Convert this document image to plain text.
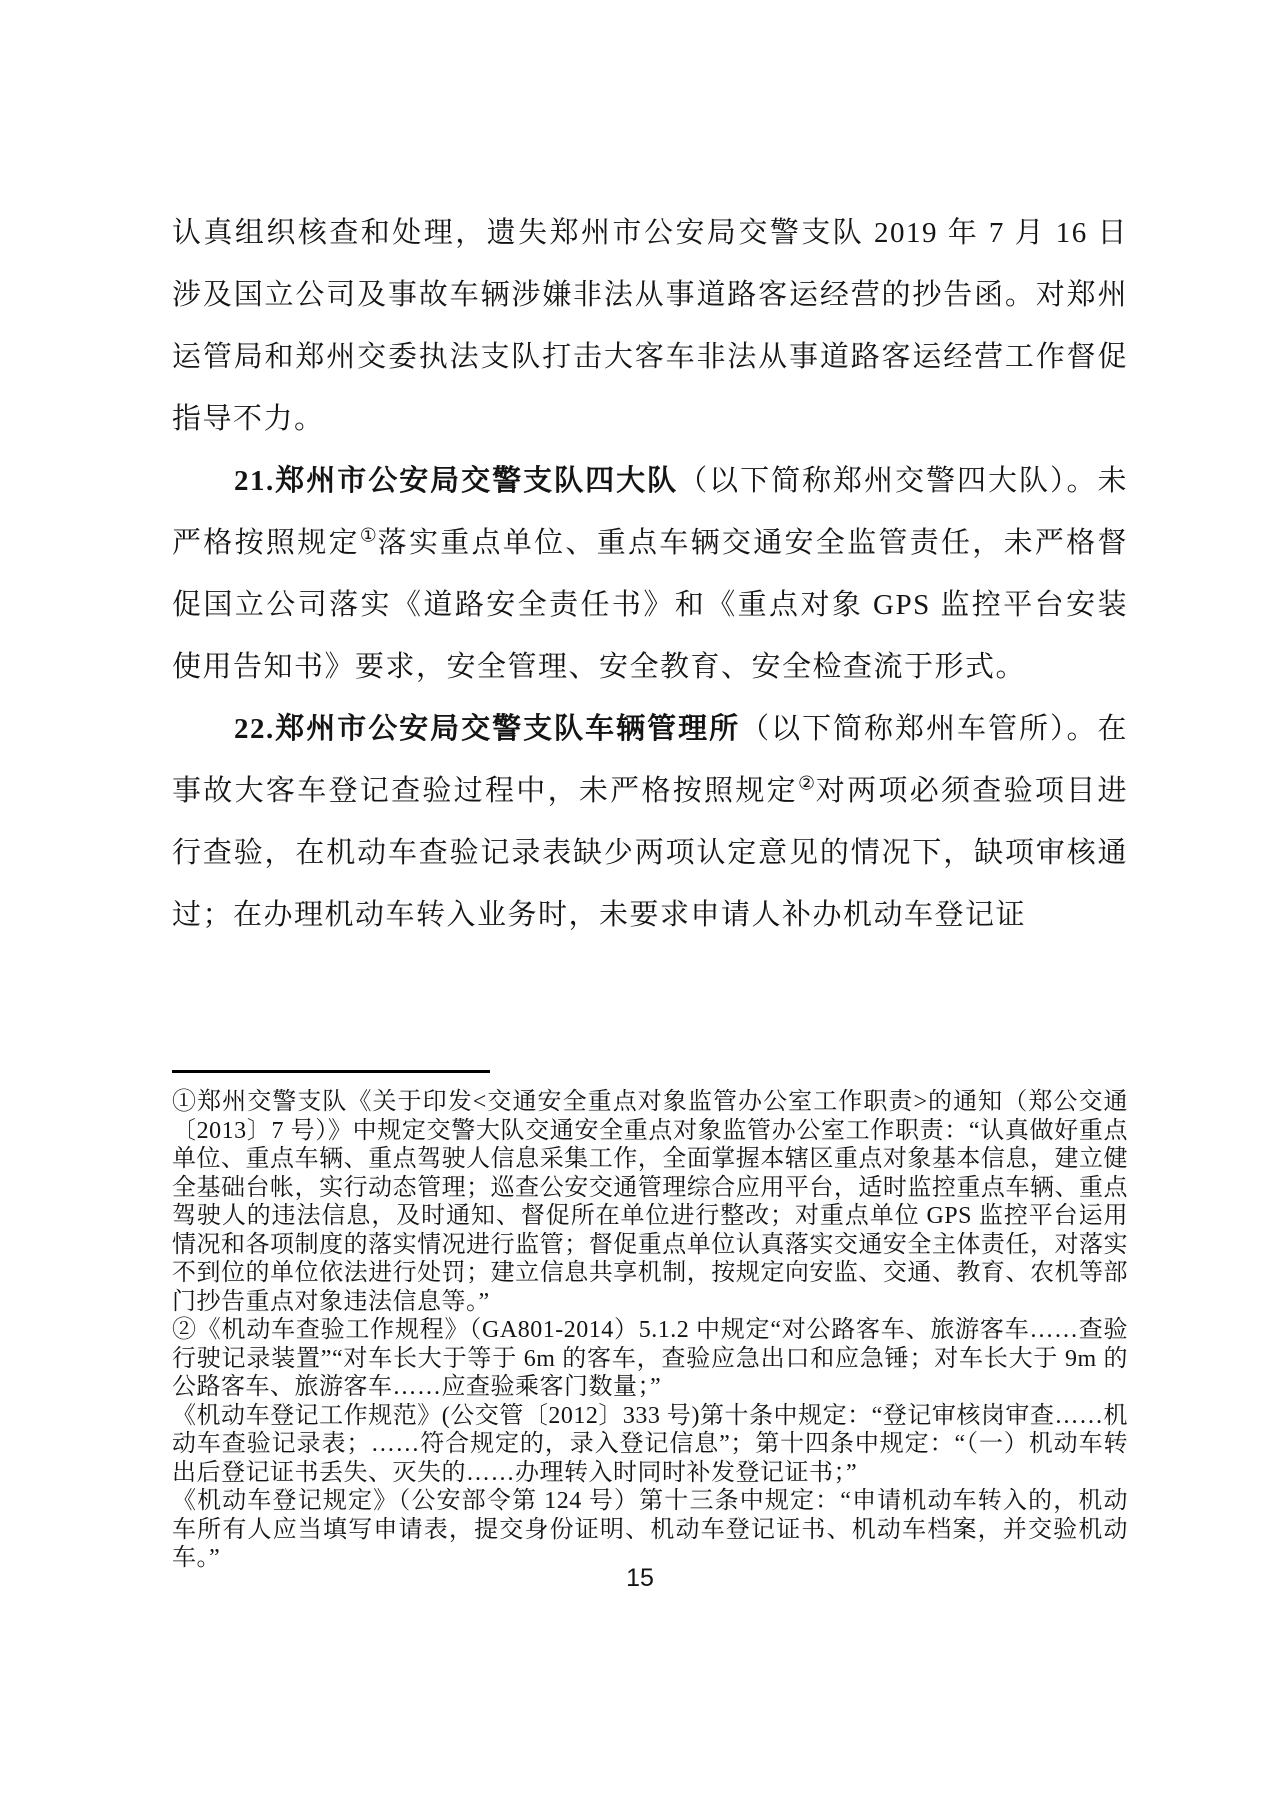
认真组织核查和处理，遗失郑州市公安局交警支队 2019 年 7 月 16 日涉及国立公司及事故车辆涉嫌非法从事道路客运经营的抄告函。对郑州运管局和郑州交委执法支队打击大客车非法从事道路客运经营工作督促指导不力。

21.郑州市公安局交警支队四大队（以下简称郑州交警四大队）。未严格按照规定①落实重点单位、重点车辆交通安全监管责任，未严格督促国立公司落实《道路安全责任书》和《重点对象 GPS 监控平台安装使用告知书》要求，安全管理、安全教育、安全检查流于形式。

22.郑州市公安局交警支队车辆管理所（以下简称郑州车管所）。在事故大客车登记查验过程中，未严格按照规定②对两项必须查验项目进行查验，在机动车查验记录表缺少两项认定意见的情况下，缺项审核通过；在办理机动车转入业务时，未要求申请人补办机动车登记证

①郑州交警支队《关于印发<交通安全重点对象监管办公室工作职责>的通知（郑公交通〔2013〕7 号）》中规定交警大队交通安全重点对象监管办公室工作职责：“认真做好重点单位、重点车辆、重点驾驶人信息采集工作，全面掌握本辖区重点对象基本信息，建立健全基础台帐，实行动态管理；巡查公安交通管理综合应用平台，适时监控重点车辆、重点驾驶人的违法信息，及时通知、督促所在单位进行整改；对重点单位 GPS 监控平台运用情况和各项制度的落实情况进行监管；督促重点单位认真落实交通安全主体责任，对落实不到位的单位依法进行处罚；建立信息共享机制，按规定向安监、交通、教育、农机等部门抄告重点对象违法信息等。”

②《机动车查验工作规程》（GA801-2014）5.1.2 中规定“对公路客车、旅游客车……查验行驶记录装置”“对车长大于等于 6m 的客车，查验应急出口和应急锤；对车长大于 9m 的公路客车、旅游客车……应查验乘客门数量；”

《机动车登记工作规范》(公交管〔2012〕333 号)第十条中规定：“登记审核岗审查……机动车查验记录表；……符合规定的，录入登记信息”；第十四条中规定：“（一）机动车转出后登记证书丢失、灭失的……办理转入时同时补发登记证书；”

《机动车登记规定》（公安部令第 124 号）第十三条中规定：“申请机动车转入的，机动车所有人应当填写申请表，提交身份证明、机动车登记证书、机动车档案，并交验机动车。”

15
